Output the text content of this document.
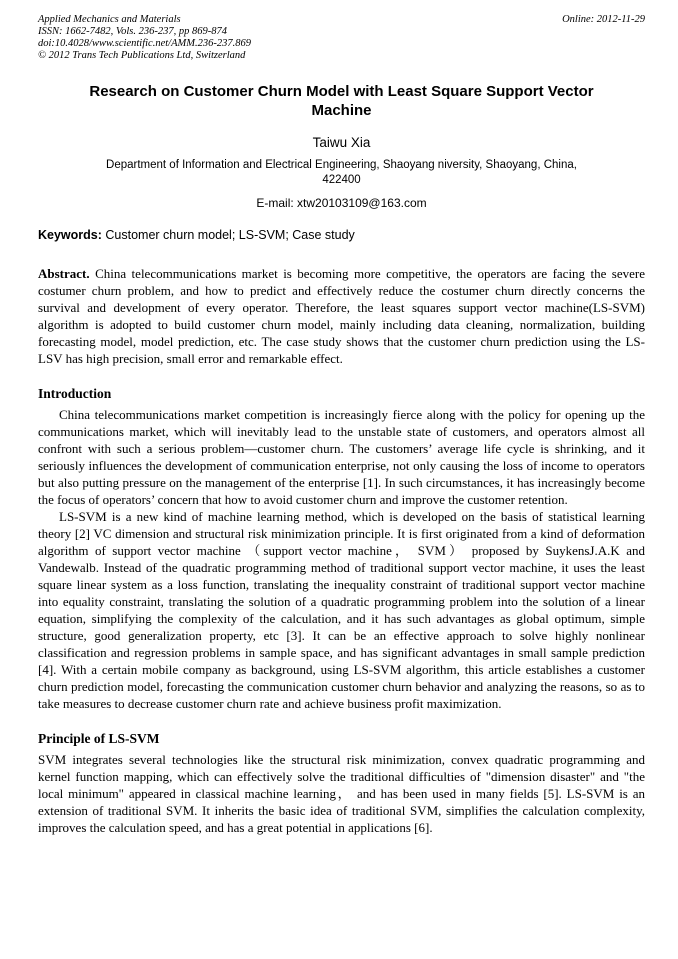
Applied Mechanics and Materials
ISSN: 1662-7482, Vols. 236-237, pp 869-874
doi:10.4028/www.scientific.net/AMM.236-237.869
© 2012 Trans Tech Publications Ltd, Switzerland
Online: 2012-11-29
Research on Customer Churn Model with Least Square Support Vector Machine
Taiwu Xia
Department of Information and Electrical Engineering, Shaoyang niversity, Shaoyang, China, 422400
E-mail: xtw20103109@163.com
Keywords: Customer churn model; LS-SVM; Case study

Abstract. China telecommunications market is becoming more competitive, the operators are facing the severe costumer churn problem, and how to predict and effectively reduce the costumer churn directly concerns the survival and development of every operator. Therefore, the least squares support vector machine(LS-SVM) algorithm is adopted to build customer churn model, mainly including data cleaning, normalization, building forecasting model, model prediction, etc. The case study shows that the customer churn prediction using the LS-LSV has high precision, small error and remarkable effect.

Introduction

China telecommunications market competition is increasingly fierce along with the policy for opening up the communications market, which will inevitably lead to the unstable state of customers, and operators almost all confront with such a serious problem—customer churn. The customers’ average life cycle is shrinking, and it seriously influences the development of communication enterprise, not only causing the loss of income to operators but also putting pressure on the management of the enterprise [1]. In such circumstances, it has increasingly become the focus of operators’ concern that how to avoid customer churn and improve the customer retention.

LS-SVM is a new kind of machine learning method, which is developed on the basis of statistical learning theory [2] VC dimension and structural risk minimization principle. It is first originated from a kind of deformation algorithm of support vector machine （support vector machine， SVM） proposed by SuykensJ.A.K and Vandewalb. Instead of the quadratic programming method of traditional support vector machine, it uses the least square linear system as a loss function, translating the inequality constraint of traditional support vector machine into equality constraint, translating the solution of a quadratic programming problem into the solution of a linear equation, simplifying the complexity of the calculation, and it has such advantages as global optimum, simple structure, good generalization property, etc [3]. It can be an effective approach to solve highly nonlinear classification and regression problems in sample space, and has significant advantages in small sample prediction [4]. With a certain mobile company as background, using LS-SVM algorithm, this article establishes a customer churn prediction model, forecasting the communication customer churn behavior and analyzing the reasons, so as to take measures to decrease customer churn rate and achieve business profit maximization.

Principle of LS-SVM

SVM integrates several technologies like the structural risk minimization, convex quadratic programming and kernel function mapping, which can effectively solve the traditional difficulties of "dimension disaster" and "the local minimum" appeared in classical machine learning， and has been used in many fields [5]. LS-SVM is an extension of traditional SVM. It inherits the basic idea of traditional SVM, simplifies the calculation complexity, improves the calculation speed, and has a great potential in applications [6].
